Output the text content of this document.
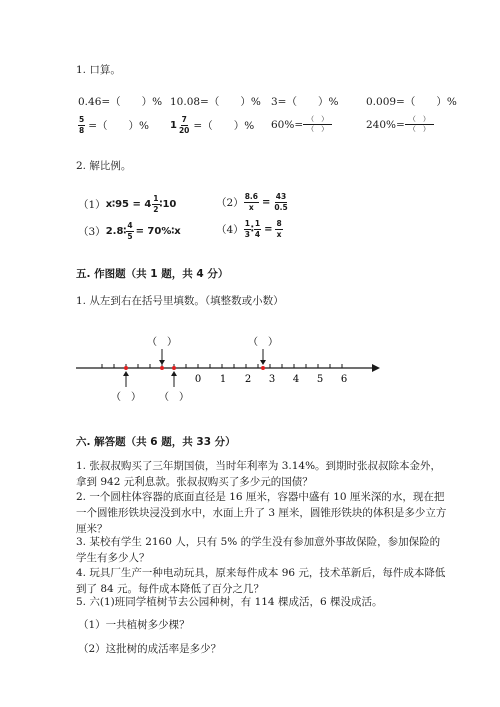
1. 口算。
0.46=（　　）% 10.08=（　　）% 3=（　　）%	0.009=（　　）%
$\frac{5}{8}$ =（　　）% $1 \frac{7}{20}$ =（　　）% $60\%= \frac{( )}{( )}$	$240\%= \frac{( )}{( )}$
2. 解比例。
（1） x∶95 = $4 \frac{1}{2}$ ∶10	$(2) \frac{8.6}{x} = \frac{43}{0.5}$
（3） 2.8∶ $\frac{4}{5}$ = 70%∶x	$(4) \frac{1}{3}$ ∶ $\frac{1}{4} = \frac{8}{x}$
五. 作图题（共 1 题，共 4 分）
1. 从左到右在括号里填数。（填整数或小数）
0 1 2 3 4 5 6
（　）	（　）
（　） （　）
六. 解答题（共 6 题，共 33 分）
1. 张叔叔购买了三年期国债，当时年利率为 3.14%。到期时张叔叔除本金外，拿到 942 元利息款。张叔叔购买了多少元的国债？
2. 一个圆柱体容器的底面直径是 16 厘米，容器中盛有 10 厘米深的水，现在把一个圆锥形铁块浸没到水中，水面上升了 3 厘米，圆锥形铁块的体积是多少立方厘米？
3. 某校有学生 2160 人，只有 5% 的学生没有参加意外事故保险，参加保险的学生有多少人？
4. 玩具厂生产一种电动玩具，原来每件成本 96 元，技术革新后，每件成本降低到了 84 元。每件成本降低了百分之几？
5. 六(1)班同学植树节去公园种树，有 114 棵成活，6 棵没成活。
（1）一共植树多少棵？
（2）这批树的成活率是多少？
